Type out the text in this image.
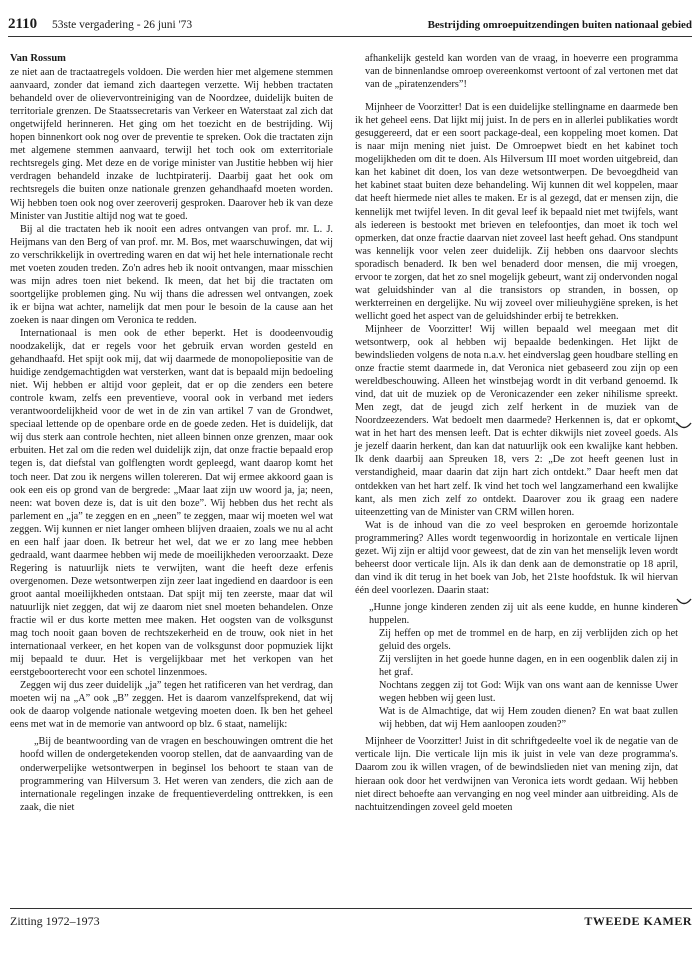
2110 53ste vergadering - 26 juni '73	Bestrijding omroepuitzendingen buiten nationaal gebied
Van Rossum

ze niet aan de tractaatregels voldoen. Die werden hier met algemene stemmen aanvaard, zonder dat iemand zich daartegen verzette. Wij hebben tractaten behandeld over de olievervontreiniging van de Noordzee, duidelijk buiten de territoriale grenzen. De Staatssecretaris van Verkeer en Waterstaat zal zich dat ongetwijfeld herinneren. Het ging om het toezicht en de bestrijding. Wij hopen binnenkort ook nog over de preventie te spreken. Ook die tractaten zijn met algemene stemmen aanvaard, terwijl het toch ook om exterritoriale rechtsregels ging. Met deze en de vorige minister van Justitie hebben wij hier verdragen behandeld inzake de luchtpiraterij. Daarbij gaat het ook om rechtsregels die buiten onze nationale grenzen gehandhaafd moeten worden. Wij hebben toen ook nog over zeeroverij gesproken. Daarover heb ik van deze Minister van Justitie altijd nog wat te goed.

Bij al die tractaten heb ik nooit een adres ontvangen van prof. mr. L. J. Heijmans van den Berg of van prof. mr. M. Bos, met waarschuwingen, dat wij zo verschrikkelijk in overtreding waren en dat wij het hele internationale recht met voeten zouden treden. Zo'n adres heb ik nooit ontvangen, maar misschien was mijn adres toen niet bekend. Ik meen, dat het bij die tractaten om soortgelijke problemen ging. Nu wij thans die adressen wel ontvangen, zoek ik er bijna wat achter, namelijk dat men pour le besoin de la cause aan het zoeken is naar dingen om Veronica te redden.

Internationaal is men ook de ether beperkt. Het is doodeenvoudig noodzakelijk, dat er regels voor het gebruik ervan worden gesteld en gehandhaafd. Het spijt ook mij, dat wij daarmede de monopoliepositie van de huidige zendgemachtigden wat versterken, want dat is bepaald mijn bedoeling niet. Wij hebben er altijd voor gepleit, dat er op die zenders een betere controle kwam, zelfs een preventieve, vooral ook in verband met ieders verantwoordelijkheid voor de wet in de zin van artikel 7 van de Grondwet, speciaal lettende op de openbare orde en de goede zeden. Het is duidelijk, dat wij dus sterk aan controle hechten, niet alleen binnen onze grenzen, maar ook erbuiten. Het zal om die reden wel duidelijk zijn, dat onze fractie bepaald erop tegen is, dat diefstal van golflengten wordt gepleegd, want daarop komt het toch neer. Dat zou ik nergens willen tolereren. Dat wij ermee akkoord gaan is ook een eis op grond van de bergrede: „Maar laat zijn uw woord ja, ja; neen, neen: wat boven deze is, dat is uit den boze”. Wij hebben dus het recht als parlement en „ja” te zeggen en en „neen” te zeggen, maar wij moeten wel wat zeggen. Wij kunnen er niet langer omheen blijven draaien, zoals we nu al acht en een half jaar doen. Ik betreur het wel, dat we er zo lang mee hebben gedraald, want daarmee hebben wij mede de moeilijkheden veroorzaakt. Deze Regering is natuurlijk niets te verwijten, want die heeft deze erfenis overgenomen. Deze wetsontwerpen zijn zeer laat ingediend en daardoor is een groot aantal moeilijkheden ontstaan. Dat spijt mij ten zeerste, maar dat wil natuurlijk niet zeggen, dat wij ze daarom niet snel moeten behandelen. Onze fractie wil er dus korte metten mee maken. Het oogsten van de volksgunst mag toch nooit gaan boven de rechtszekerheid en de trouw, ook niet in het internationaal verkeer, en het kopen van de volksgunst door popmuziek lijkt mij bepaald te duur. Het is vergelijkbaar met het verkopen van het eerstgeboorterecht voor een schotel linzenmoes.

Zeggen wij dus zeer duidelijk „ja” tegen het ratificeren van het verdrag, dan moeten wij na „A” ook „B” zeggen. Het is daarom vanzelfsprekend, dat wij ook de daarop volgende nationale wetgeving moeten doen. Ik ben het geheel eens met wat in de memorie van antwoord op blz. 6 staat, namelijk:

„Bij de beantwoording van de vragen en beschouwingen omtrent die het hoofd willen de ondergetekenden voorop stellen, dat de aanvaarding van de onderwerpelijke wetsontwerpen in beginsel los behoort te staan van de programmering van Hilversum 3. Het weren van zenders, die zich aan de internationale regelingen inzake de frequentieverdeling onttrekken, is een zaak, die niet

afhankelijk gesteld kan worden van de vraag, in hoeverre een programma van de binnenlandse omroep overeenkomst vertoont of zal vertonen met dat van de „piratenzenders”!

Mijnheer de Voorzitter! Dat is een duidelijke stellingname en daarmede ben ik het geheel eens. Dat lijkt mij juist. In de pers en in allerlei publikaties wordt gesuggereerd, dat er een soort package-deal, een koppeling moet komen. Dat is naar mijn mening niet juist. De Omroepwet biedt en het kabinet toch mogelijkheden om dit te doen. Als Hilversum III moet worden uitgebreid, dan kan het kabinet dit doen, los van deze wetsontwerpen. De bevoegdheid van het kabinet staat buiten deze behandeling. Wij kunnen dit wel koppelen, maar dat heeft hiermede niet alles te maken. Er is al gezegd, dat er mensen zijn, die kennelijk met twijfel leven. In dit geval leef ik bepaald niet met twijfels, want als iedereen is bestookt met brieven en telefoontjes, dan moet ik toch wel opmerken, dat onze fractie daarvan niet zoveel last heeft gehad. Ons standpunt was kennelijk voor velen zeer duidelijk. Zij hebben ons daarvoor slechts sporadisch benaderd. Ik ben wel benaderd door mensen, die mij vroegen, ervoor te zorgen, dat het zo snel mogelijk gebeurt, want zij ondervonden nogal wat geluidshinder van al die transistors op stranden, in bossen, op werkterreinen en dergelijke. Nu wij zoveel over milieuhygiëne spreken, is het wellicht goed het aspect van de geluidshinder erbij te betrekken.

Mijnheer de Voorzitter! Wij willen bepaald wel meegaan met dit wetsontwerp, ook al hebben wij bepaalde bedenkingen. Het lijkt de bewindslieden volgens de nota n.a.v. het eindverslag geen houdbare stelling en onze fractie stemt daarmede in, dat Veronica niet gebaseerd zou zijn op een wereldbeschouwing. Alleen het winstbejag wordt in dit verband genoemd. Ik vind, dat uit de muziek op de Veronicazender een zeker nihilisme spreekt. Men zegt, dat de jeugd zich zelf herkent in de muziek van de Noordzeezenders. Wat bedoelt men daarmede? Herkennen is, dat er opkomt, wat in het hart des mensen leeft. Dat is echter dikwijls niet zoveel goeds. Als je jezelf daarin herkent, dan kan dat natuurlijk ook een kwalijke kant hebben. Ik denk daarbij aan Spreuken 18, vers 2: „De zot heeft geenen lust in verstandigheid, maar daarin dat zijn hart zich ontdekt.” Daar heeft men dat ontdekken van het hart zelf. Ik vind het toch wel langzamerhand een kwalijke kant, als men zich zelf zo ontdekt. Daarover zou ik graag een nadere uiteenzetting van de Minister van CRM willen horen.

Wat is de inhoud van die zo veel besproken en geroemde horizontale programmering? Alles wordt tegenwoordig in horizontale en verticale lijnen gezet. Wij zijn er altijd voor geweest, dat de zin van het menselijk leven wordt beheerst door verticale lijn. Als ik dan denk aan de demonstratie op 18 april, dan vind ik dit terug in het boek van Job, het 21ste hoofdstuk. Ik wil hiervan één deel voorlezen. Daarin staat:

„Hunne jonge kinderen zenden zij uit als eene kudde, en hunne kinderen huppelen.

Zij heffen op met de trommel en de harp, en zij verblijden zich op het geluid des orgels.

Zij verslijten in het goede hunne dagen, en in een oogenblik dalen zij in het graf.

Nochtans zeggen zij tot God: Wijk van ons want aan de kennisse Uwer wegen hebben wij geen lust.

Wat is de Almachtige, dat wij Hem zouden dienen? En wat baat zullen wij hebben, dat wij Hem aanloopen zouden?”

Mijnheer de Voorzitter! Juist in dit schriftgedeelte voel ik de negatie van de verticale lijn. Die verticale lijn mis ik juist in vele van deze programma's. Daarom zou ik willen vragen, of de bewindslieden niet van mening zijn, dat hieraan ook door het verdwijnen van Veronica iets wordt gedaan. Wij hebben niet direct behoefte aan vervanging en nog veel minder aan uitbreiding. Als de nachtuitzendingen zoveel geld moeten

Zitting 1972–1973	TWEEDE KAMER
